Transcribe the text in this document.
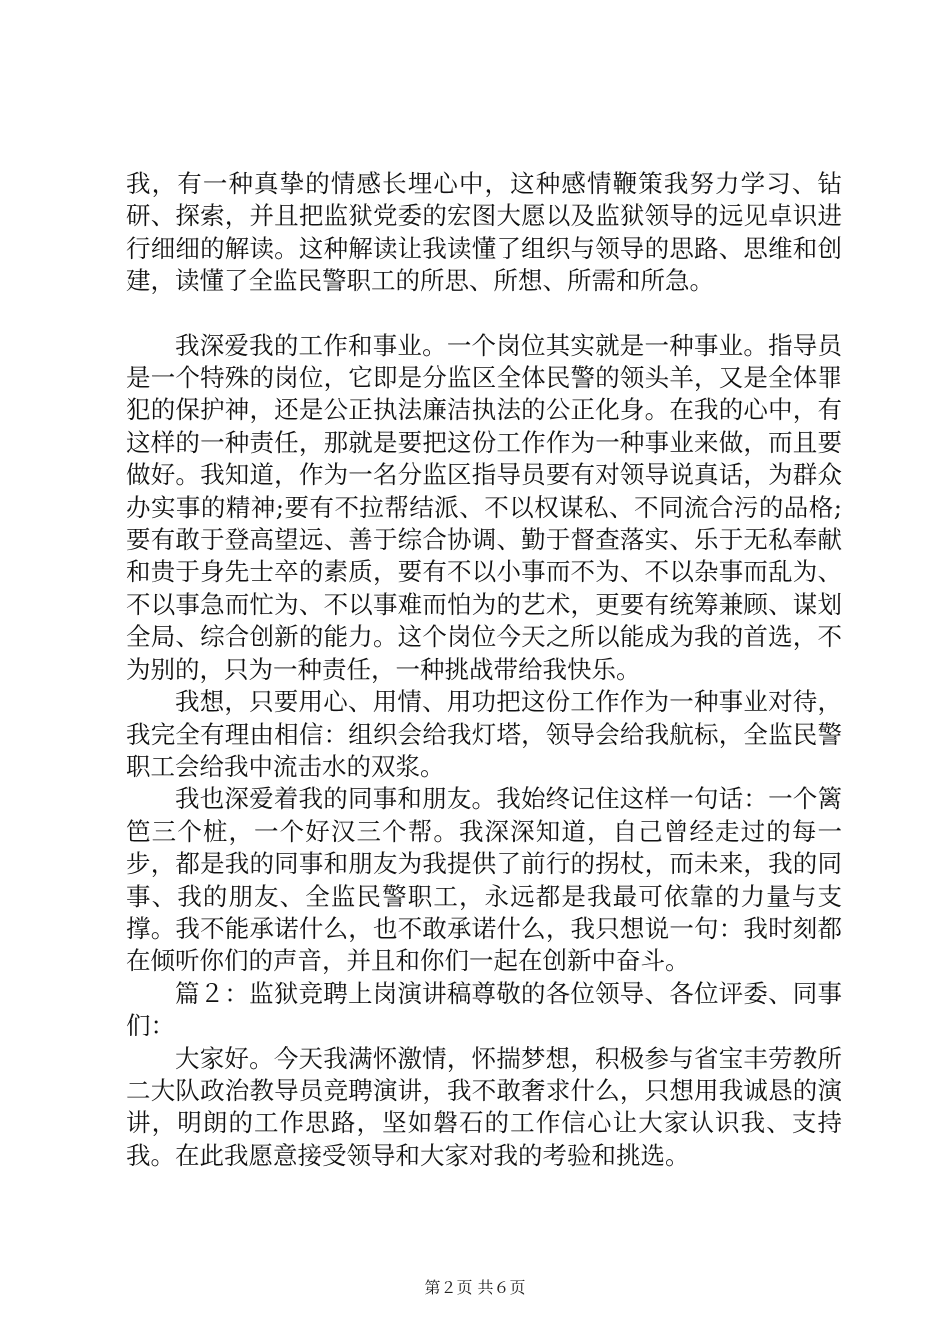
我，有一种真挚的情感长埋心中，这种感情鞭策我努力学习、钻研、探索，并且把监狱党委的宏图大愿以及监狱领导的远见卓识进行细细的解读。这种解读让我读懂了组织与领导的思路、思维和创建，读懂了全监民警职工的所思、所想、所需和所急。

我深爱我的工作和事业。一个岗位其实就是一种事业。指导员是一个特殊的岗位，它即是分监区全体民警的领头羊，又是全体罪犯的保护神，还是公正执法廉洁执法的公正化身。在我的心中，有这样的一种责任，那就是要把这份工作作为一种事业来做，而且要做好。我知道，作为一名分监区指导员要有对领导说真话，为群众办实事的精神;要有不拉帮结派、不以权谋私、不同流合污的品格;要有敢于登高望远、善于综合协调、勤于督查落实、乐于无私奉献和贵于身先士卒的素质，要有不以小事而不为、不以杂事而乱为、不以事急而忙为、不以事难而怕为的艺术，更要有统筹兼顾、谋划全局、综合创新的能力。这个岗位今天之所以能成为我的首选，不为别的，只为一种责任，一种挑战带给我快乐。

我想，只要用心、用情、用功把这份工作作为一种事业对待，我完全有理由相信：组织会给我灯塔，领导会给我航标，全监民警职工会给我中流击水的双浆。

我也深爱着我的同事和朋友。我始终记住这样一句话：一个篱笆三个桩，一个好汉三个帮。我深深知道，自己曾经走过的每一步，都是我的同事和朋友为我提供了前行的拐杖，而未来，我的同事、我的朋友、全监民警职工，永远都是我最可依靠的力量与支撑。我不能承诺什么，也不敢承诺什么，我只想说一句：我时刻都在倾听你们的声音，并且和你们一起在创新中奋斗。

篇２：监狱竞聘上岗演讲稿尊敬的各位领导、各位评委、同事们：

大家好。今天我满怀激情，怀揣梦想，积极参与省宝丰劳教所二大队政治教导员竞聘演讲，我不敢奢求什么，只想用我诚恳的演讲，明朗的工作思路，坚如磐石的工作信心让大家认识我、支持我。在此我愿意接受领导和大家对我的考验和挑选。

第２页 共６页
